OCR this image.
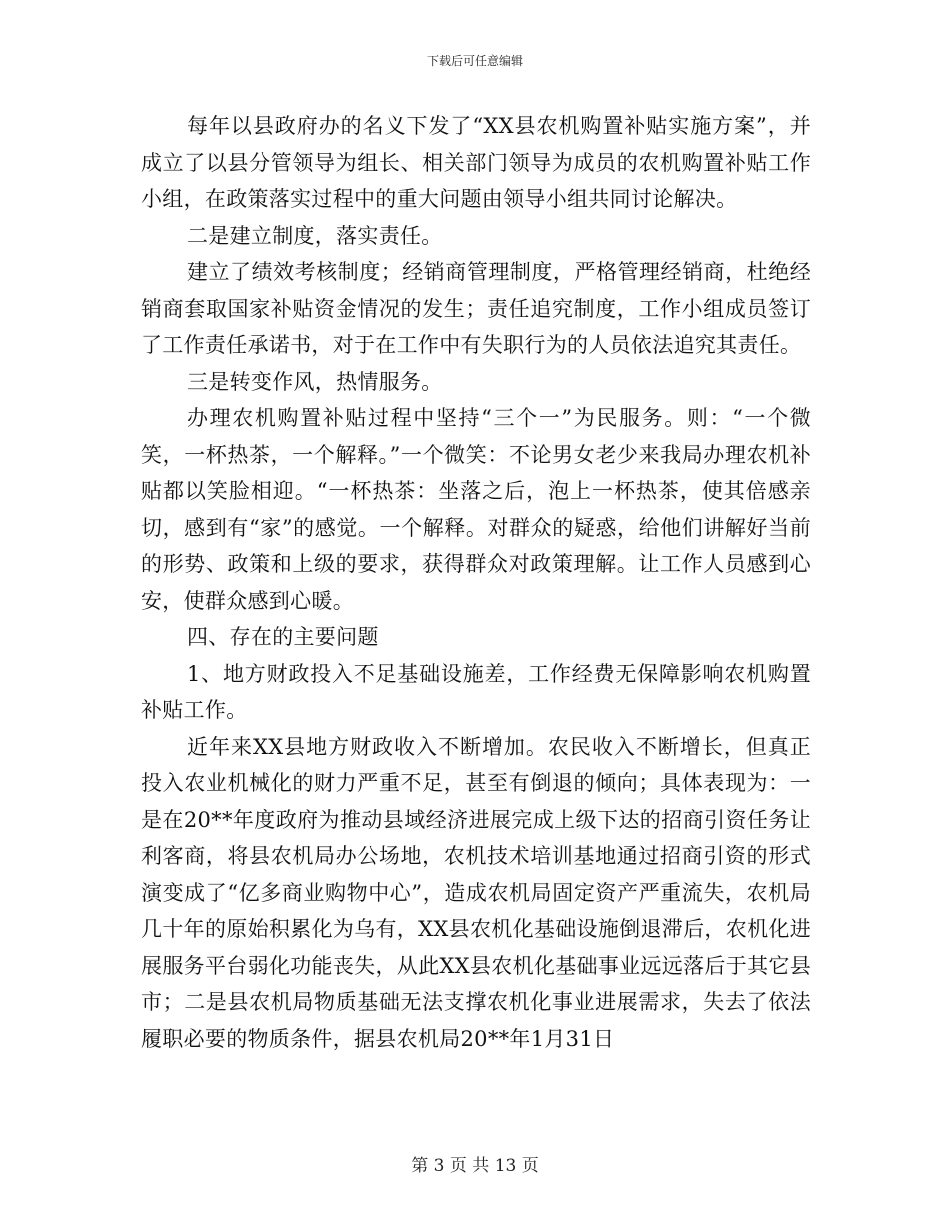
下载后可任意编辑

每年以县政府办的名义下发了“XX县农机购置补贴实施方案”，并成立了以县分管领导为组长、相关部门领导为成员的农机购置补贴工作小组，在政策落实过程中的重大问题由领导小组共同讨论解决。

二是建立制度，落实责任。

建立了绩效考核制度；经销商管理制度，严格管理经销商，杜绝经销商套取国家补贴资金情况的发生；责任追究制度，工作小组成员签订了工作责任承诺书，对于在工作中有失职行为的人员依法追究其责任。

三是转变作风，热情服务。

办理农机购置补贴过程中坚持“三个一”为民服务。则：“一个微笑，一杯热茶，一个解释。”一个微笑：不论男女老少来我局办理农机补贴都以笑脸相迎。“一杯热茶：坐落之后，泡上一杯热茶，使其倍感亲切，感到有“家”的感觉。一个解释。对群众的疑惑，给他们讲解好当前的形势、政策和上级的要求，获得群众对政策理解。让工作人员感到心安，使群众感到心暖。

四、存在的主要问题

1、地方财政投入不足基础设施差，工作经费无保障影响农机购置补贴工作。

近年来XX县地方财政收入不断增加。农民收入不断增长，但真正投入农业机械化的财力严重不足，甚至有倒退的倾向；具体表现为：一是在20**年度政府为推动县域经济进展完成上级下达的招商引资任务让利客商，将县农机局办公场地，农机技术培训基地通过招商引资的形式演变成了“亿多商业购物中心”，造成农机局固定资产严重流失，农机局几十年的原始积累化为乌有，XX县农机化基础设施倒退滞后，农机化进展服务平台弱化功能丧失，从此XX县农机化基础事业远远落后于其它县市；二是县农机局物质基础无法支撑农机化事业进展需求，失去了依法履职必要的物质条件，据县农机局20**年1月31日

第 3 页 共 13 页
